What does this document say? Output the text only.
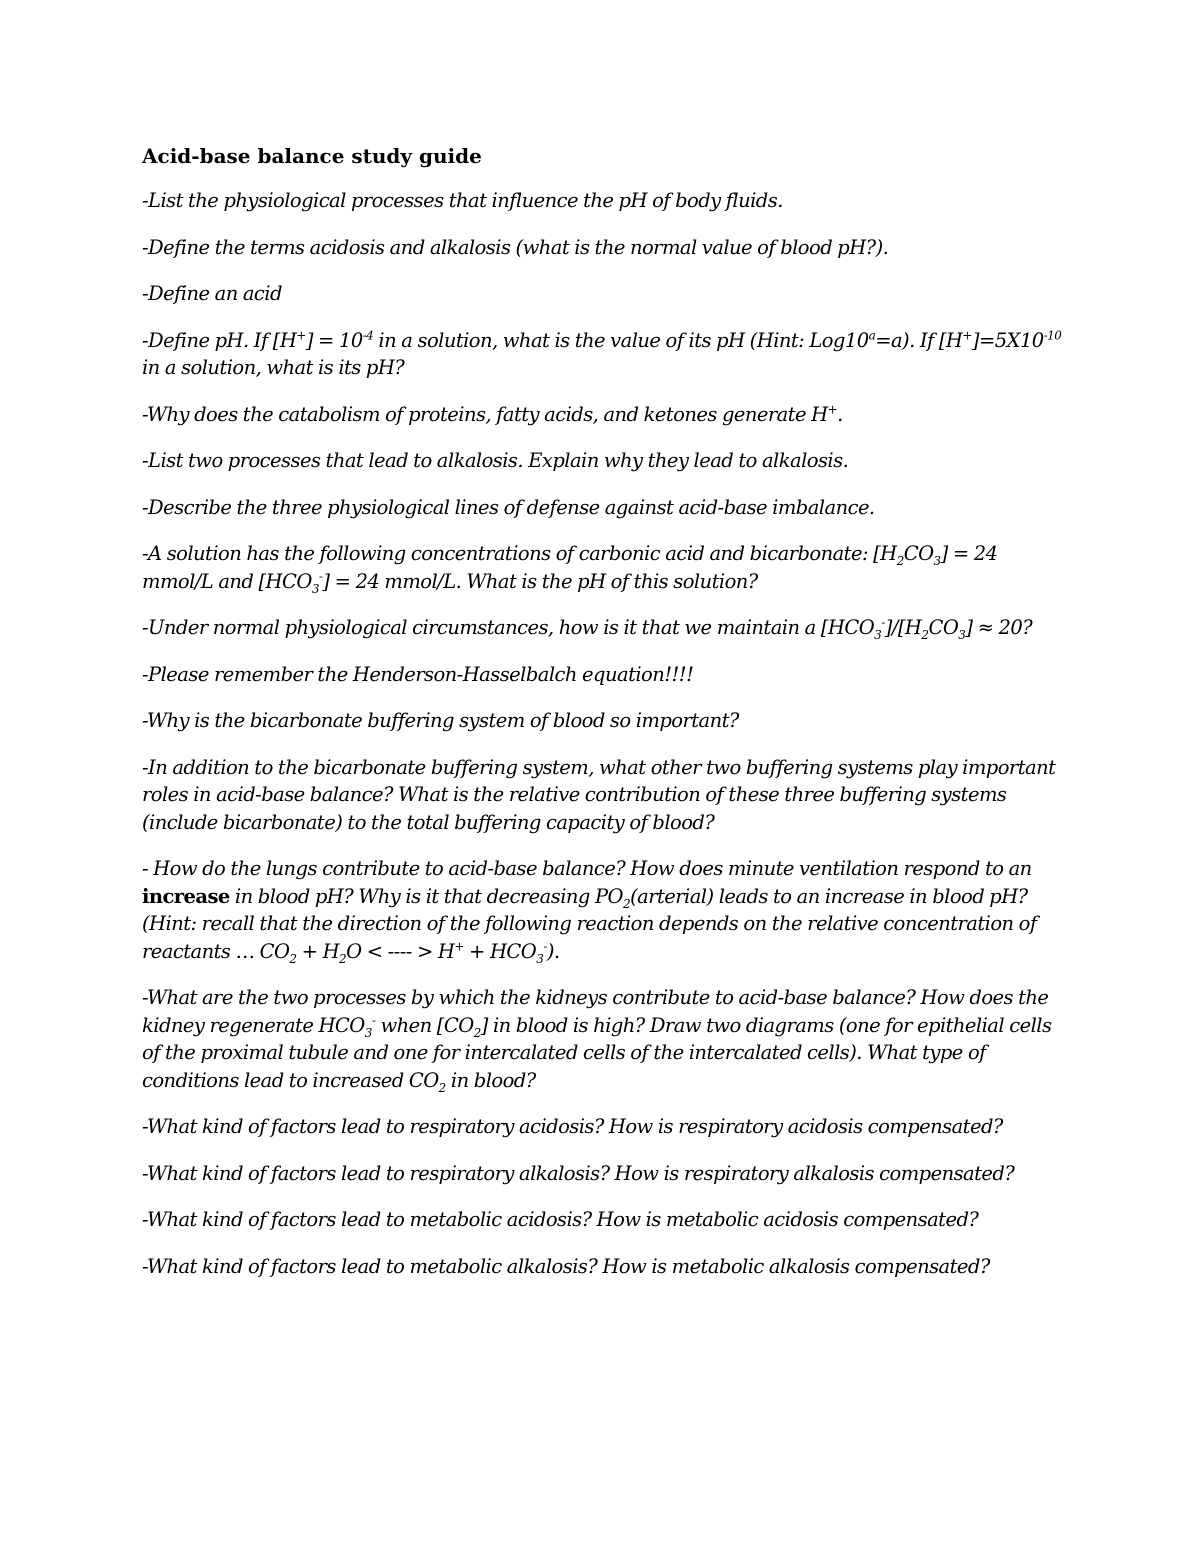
Acid-base balance study guide

-List the physiological processes that influence the pH of body fluids.

-Define the terms acidosis and alkalosis (what is the normal value of blood pH?).

-Define an acid

-Define pH. If $[H^+] = 10^{-4}$ in a solution, what is the value of its pH (Hint: $Log10^a=a$). If $[H^+]=5X10^{-10}$ in a solution, what is its pH?

-Why does the catabolism of proteins, fatty acids, and ketones generate H+.

-List two processes that lead to alkalosis. Explain why they lead to alkalosis.

-Describe the three physiological lines of defense against acid-base imbalance.

-A solution has the following concentrations of carbonic acid and bicarbonate: $[H_2CO_3] = 24$ mmol/L and $[HCO_3^-] = 24$ mmol/L. What is the pH of this solution?

-Under normal physiological circumstances, how is it that we maintain a $[HCO_3^-]/[H_2CO_3] \approx 20$?

-Please remember the Henderson-Hasselbalch equation!!!!

-Why is the bicarbonate buffering system of blood so important?

-In addition to the bicarbonate buffering system, what other two buffering systems play important roles in acid-base balance? What is the relative contribution of these three buffering systems (include bicarbonate) to the total buffering capacity of blood?

- How do the lungs contribute to acid-base balance? How does minute ventilation respond to an increase in blood pH? Why is it that decreasing $PO_2(arterial)$ leads to an increase in blood pH? (Hint: recall that the direction of the following reaction depends on the relative concentration of reactants … $CO_2 + H_2O$ < ---- > $H^+ + HCO_3^-$).

-What are the two processes by which the kidneys contribute to acid-base balance? How does the kidney regenerate $HCO_3^-$ when $[CO_2]$ in blood is high? Draw two diagrams (one for epithelial cells of the proximal tubule and one for intercalated cells of the intercalated cells). What type of conditions lead to increased $CO_2$ in blood?

-What kind of factors lead to respiratory acidosis? How is respiratory acidosis compensated?

-What kind of factors lead to respiratory alkalosis? How is respiratory alkalosis compensated?

-What kind of factors lead to metabolic acidosis? How is metabolic acidosis compensated?

-What kind of factors lead to metabolic alkalosis? How is metabolic alkalosis compensated?
